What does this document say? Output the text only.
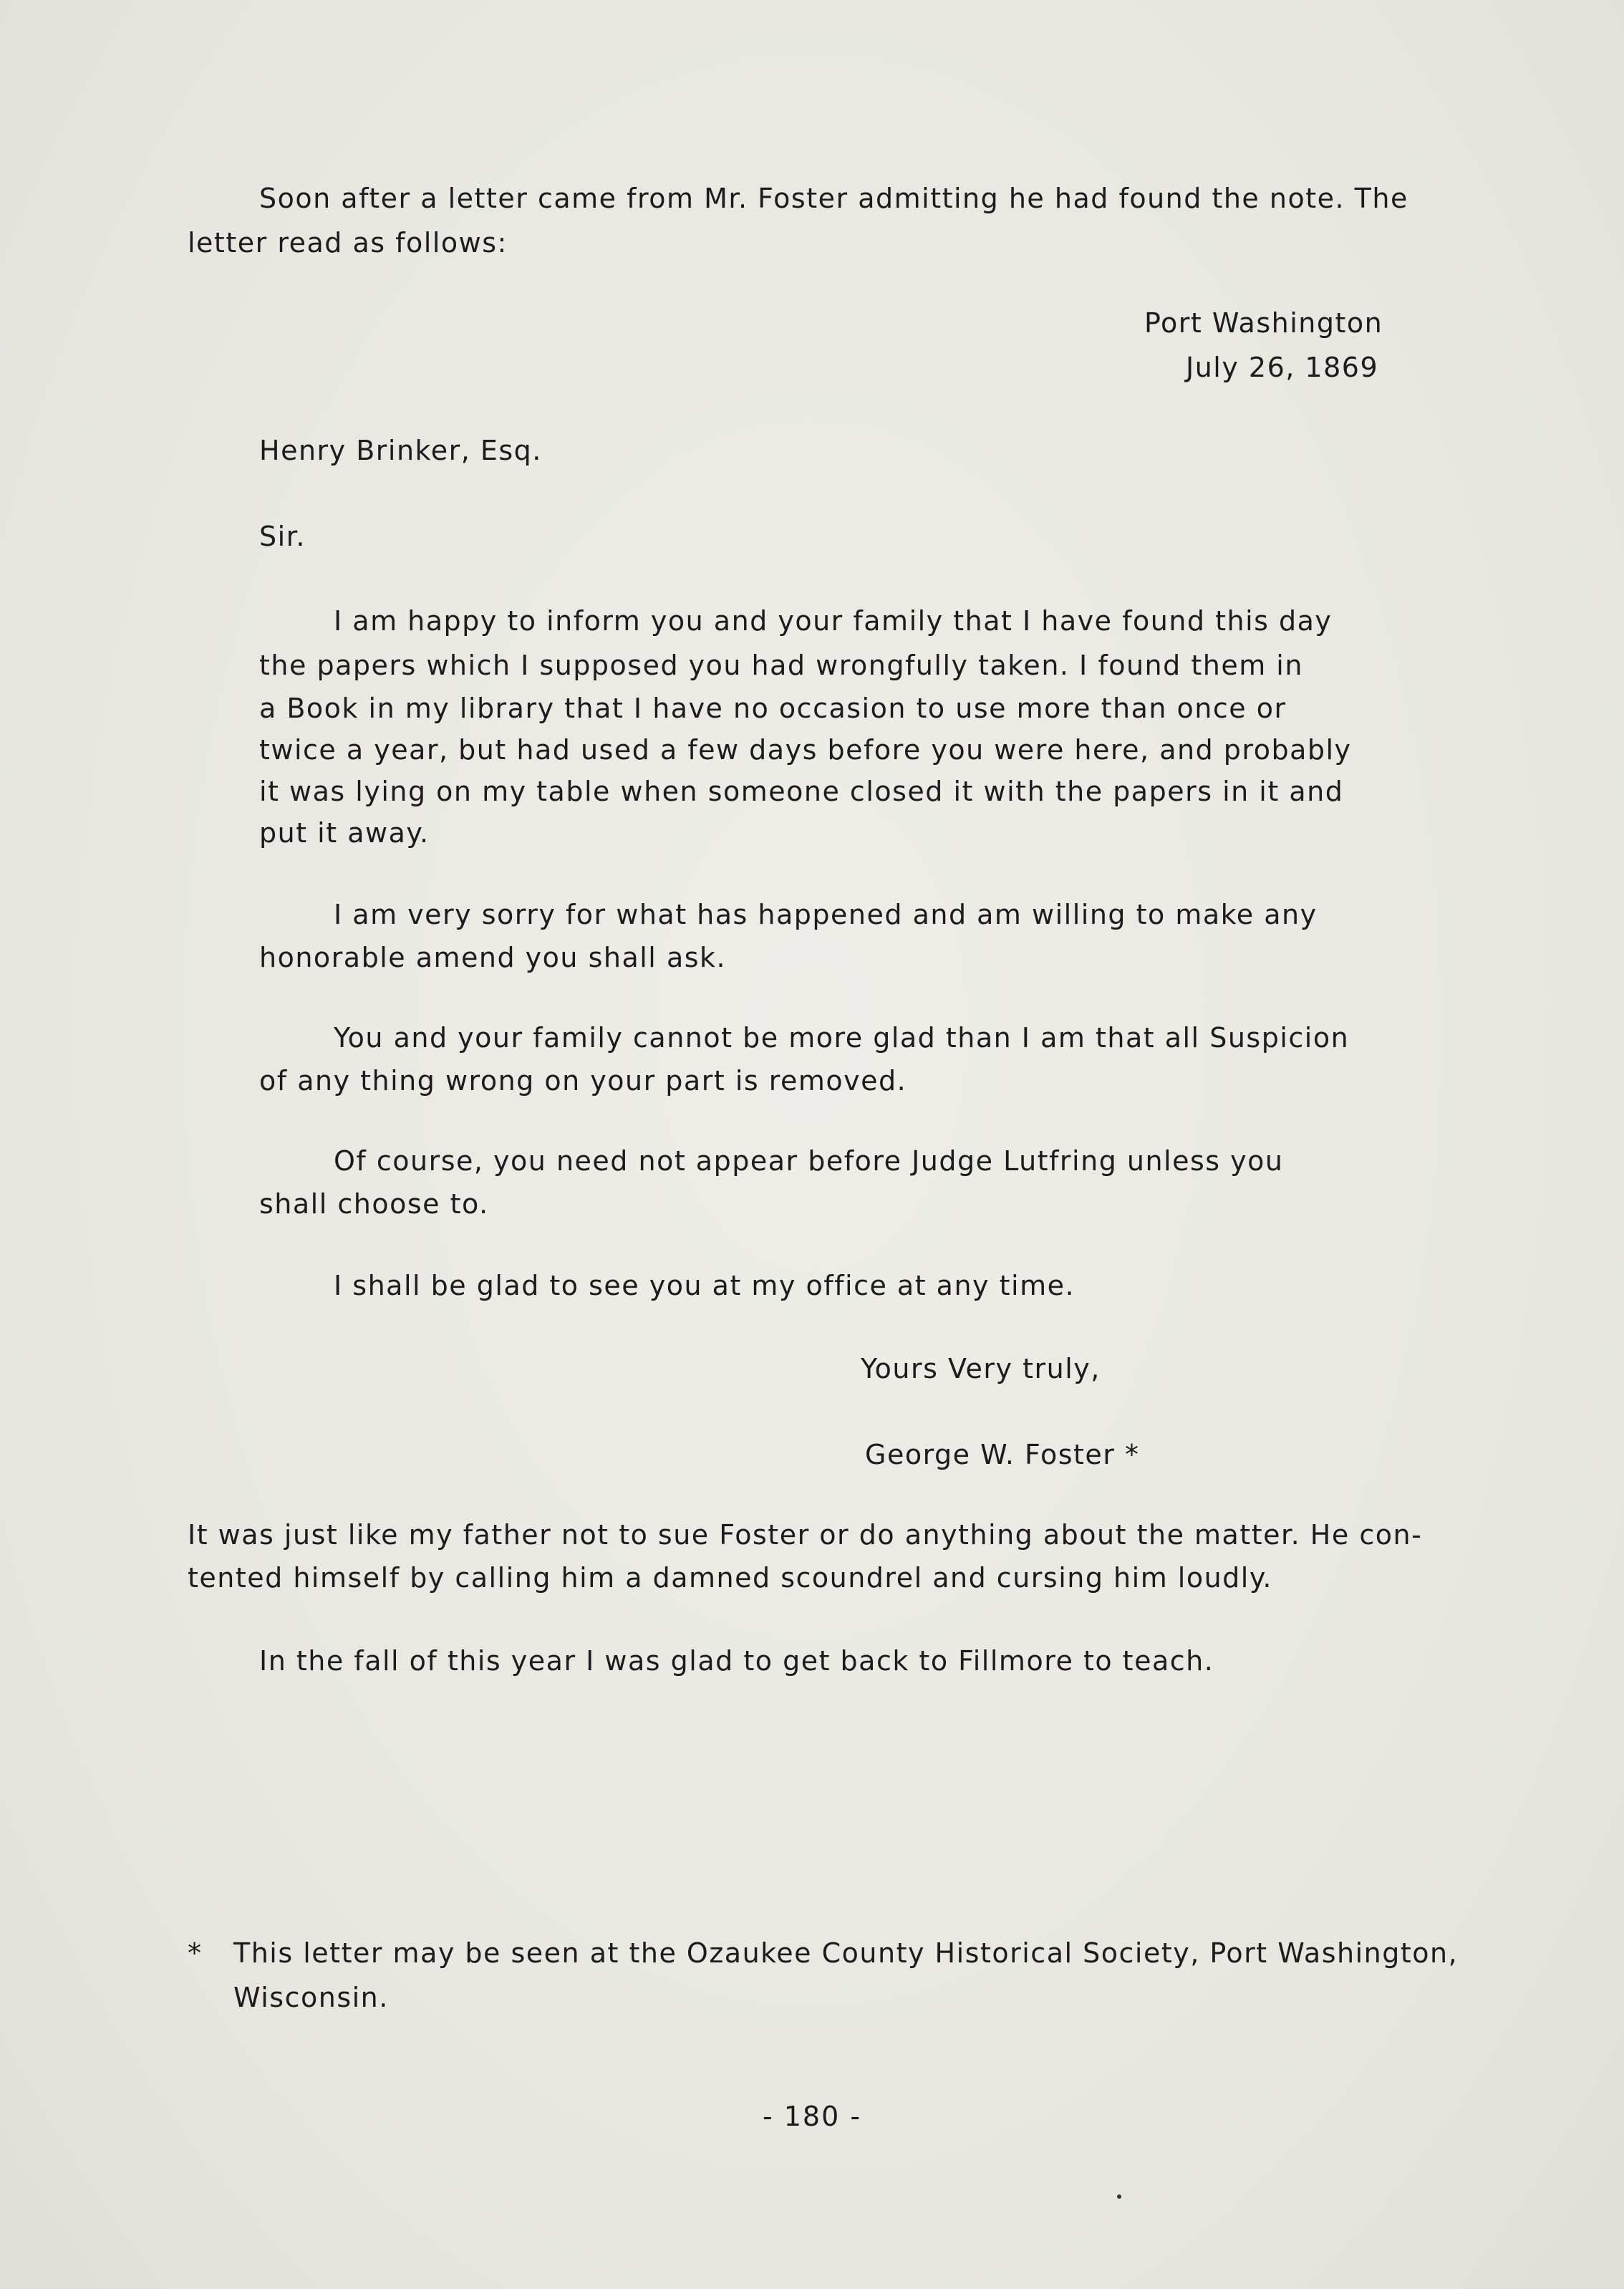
Soon after a letter came from Mr. Foster admitting he had found the note. The

letter read as follows:

Port Washington

July 26, 1869

Henry Brinker, Esq.

Sir.

I am happy to inform you and your family that I have found this day

the papers which I supposed you had wrongfully taken. I found them in

a Book in my library that I have no occasion to use more than once or

twice a year, but had used a few days before you were here, and probably

it was lying on my table when someone closed it with the papers in it and

put it away.

I am very sorry for what has happened and am willing to make any

honorable amend you shall ask.

You and your family cannot be more glad than I am that all Suspicion

of any thing wrong on your part is removed.

Of course, you need not appear before Judge Lutfring unless you

shall choose to.

I shall be glad to see you at my office at any time.

Yours Very truly,

George W. Foster *

It was just like my father not to sue Foster or do anything about the matter. He con-

tented himself by calling him a damned scoundrel and cursing him loudly.

In the fall of this year I was glad to get back to Fillmore to teach.

* This letter may be seen at the Ozaukee County Historical Society, Port Washington,

Wisconsin.

- 180 -
